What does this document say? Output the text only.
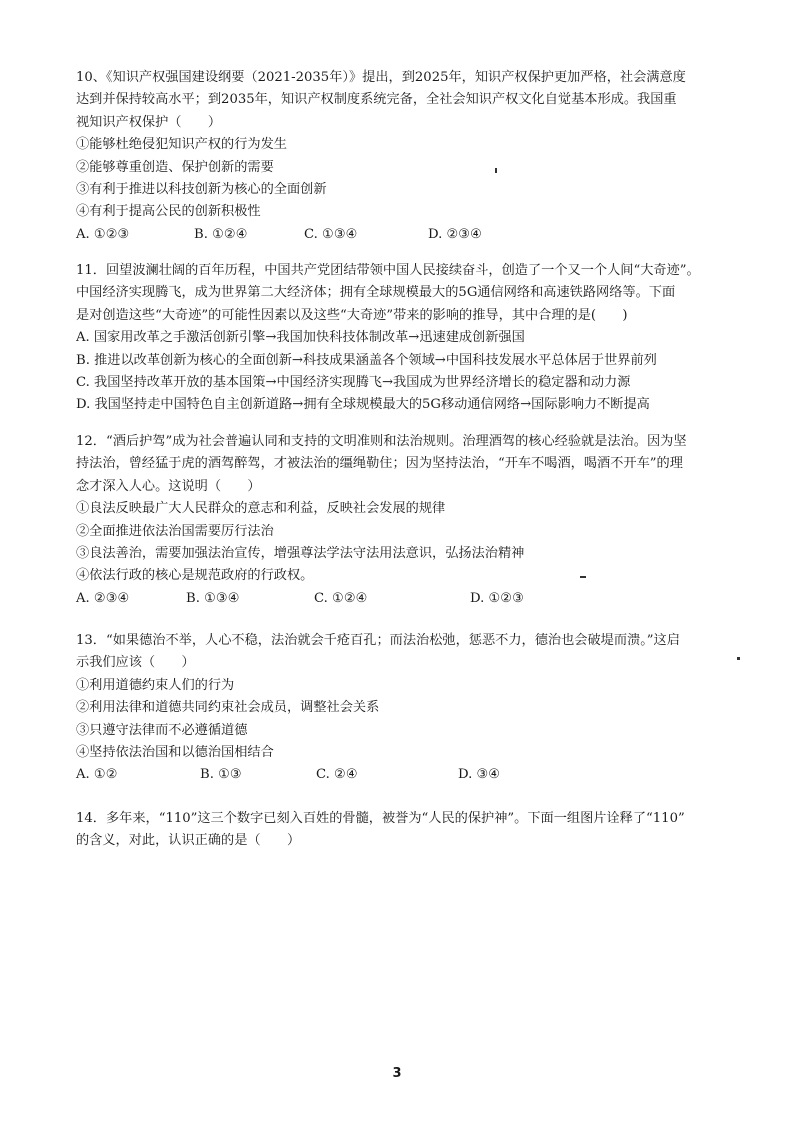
10、《知识产权强国建设纲要（2021-2035年）》提出，到2025年，知识产权保护更加严格，社会满意度
达到并保持较高水平；到2035年，知识产权制度系统完备，全社会知识产权文化自觉基本形成。我国重
视知识产权保护（　　）
①能够杜绝侵犯知识产权的行为发生
②能够尊重创造、保护创新的需要
③有利于推进以科技创新为核心的全面创新
④有利于提高公民的创新积极性
A. ①②③	B. ①②④	C. ①③④	D. ②③④
11．回望波澜壮阔的百年历程，中国共产党团结带领中国人民接续奋斗，创造了一个又一个人间“大奇迹”。
中国经济实现腾飞，成为世界第二大经济体；拥有全球规模最大的5G通信网络和高速铁路网络等。下面
是对创造这些“大奇迹”的可能性因素以及这些“大奇迹”带来的影响的推导，其中合理的是(　　)
A. 国家用改革之手激活创新引擎→我国加快科技体制改革→迅速建成创新强国
B. 推进以改革创新为核心的全面创新→科技成果涵盖各个领域→中国科技发展水平总体居于世界前列
C. 我国坚持改革开放的基本国策→中国经济实现腾飞→我国成为世界经济增长的稳定器和动力源
D. 我国坚持走中国特色自主创新道路→拥有全球规模最大的5G移动通信网络→国际影响力不断提高
12．“酒后护驾”成为社会普遍认同和支持的文明准则和法治规则。治理酒驾的核心经验就是法治。因为坚
持法治，曾经猛于虎的酒驾醉驾，才被法治的缰绳勒住；因为坚持法治，“开车不喝酒，喝酒不开车”的理
念才深入人心。这说明（　　）
①良法反映最广大人民群众的意志和利益，反映社会发展的规律
②全面推进依法治国需要厉行法治
③良法善治，需要加强法治宣传，增强尊法学法守法用法意识，弘扬法治精神
④依法行政的核心是规范政府的行政权。
A. ②③④	B. ①③④	C. ①②④	D. ①②③
13．“如果德治不举，人心不稳，法治就会千疮百孔；而法治松弛，惩恶不力，德治也会破堤而溃。”这启
示我们应该（　　）
①利用道德约束人们的行为
②利用法律和道德共同约束社会成员，调整社会关系
③只遵守法律而不必遵循道德
④坚持依法治国和以德治国相结合
A. ①②	B. ①③	C. ②④	D. ③④
14．多年来，“110”这三个数字已刻入百姓的骨髓，被誉为“人民的保护神”。下面一组图片诠释了“110”
的含义，对此，认识正确的是（　　）
3
